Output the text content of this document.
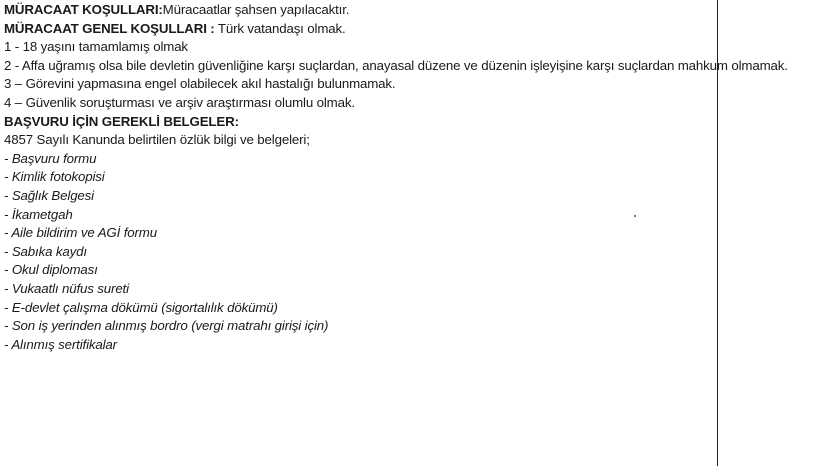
MÜRACAAT KOŞULLARI:Müracaatlar şahsen yapılacaktır.

MÜRACAAT GENEL KOŞULLARI : Türk vatandaşı olmak.

1 - 18 yaşını tamamlamış olmak

2 - Affa uğramış olsa bile devletin güvenliğine karşı suçlardan, anayasal düzene ve düzenin işleyişine karşı suçlardan mahkum olmamak.

3 – Görevini yapmasına engel olabilecek akıl hastalığı bulunmamak.

4 – Güvenlik soruşturması ve arşiv araştırması olumlu olmak.

BAŞVURU İÇİN GEREKLİ BELGELER:

4857 Sayılı Kanunda belirtilen özlük bilgi ve belgeleri;

- Başvuru formu

- Kimlik fotokopisi

- Sağlık Belgesi

- İkametgah

- Aile bildirim ve AGİ formu

- Sabıka kaydı

- Okul diploması

- Vukaatlı nüfus sureti

- E-devlet çalışma dökümü (sigortalılık dökümü)

- Son iş yerinden alınmış bordro (vergi matrahı girişi için)

- Alınmış sertifikalar
